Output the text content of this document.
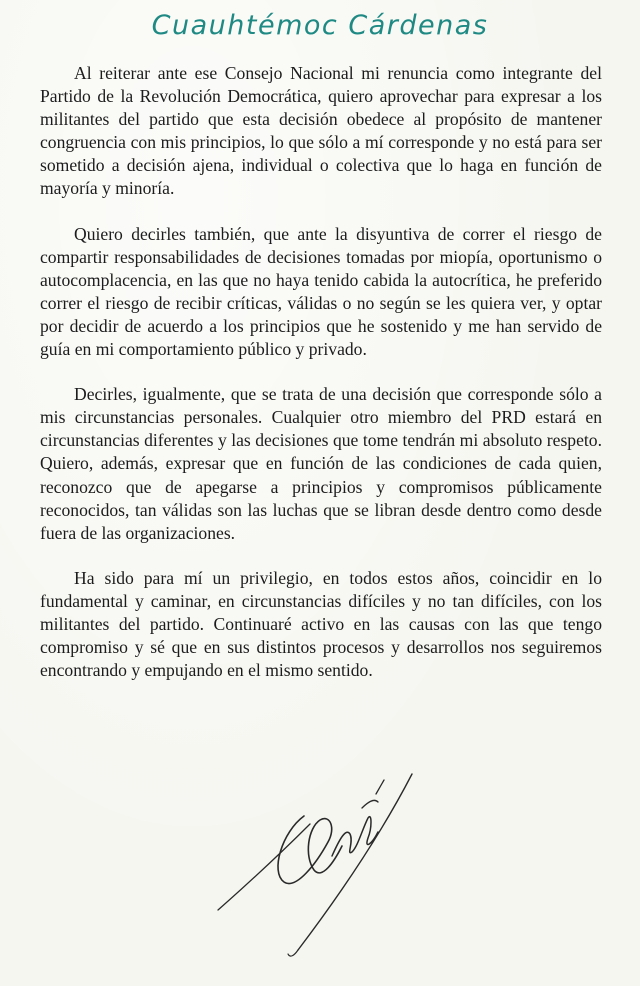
Cuauhtémoc Cárdenas

Al reiterar ante ese Consejo Nacional mi renuncia como integrante del Partido de la Revolución Democrática, quiero aprovechar para expresar a los militantes del partido que esta decisión obedece al propósito de mantener congruencia con mis principios, lo que sólo a mí corresponde y no está para ser sometido a decisión ajena, individual o colectiva que lo haga en función de mayoría y minoría.

Quiero decirles también, que ante la disyuntiva de correr el riesgo de compartir responsabilidades de decisiones tomadas por miopía, oportunismo o autocomplacencia, en las que no haya tenido cabida la autocrítica, he preferido correr el riesgo de recibir críticas, válidas o no según se les quiera ver, y optar por decidir de acuerdo a los principios que he sostenido y me han servido de guía en mi comportamiento público y privado.

Decirles, igualmente, que se trata de una decisión que corresponde sólo a mis circunstancias personales. Cualquier otro miembro del PRD estará en circunstancias diferentes y las decisiones que tome tendrán mi absoluto respeto. Quiero, además, expresar que en función de las condiciones de cada quien, reconozco que de apegarse a principios y compromisos públicamente reconocidos, tan válidas son las luchas que se libran desde dentro como desde fuera de las organizaciones.

Ha sido para mí un privilegio, en todos estos años, coincidir en lo fundamental y caminar, en circunstancias difíciles y no tan difíciles, con los militantes del partido. Continuaré activo en las causas con las que tengo compromiso y sé que en sus distintos procesos y desarrollos nos seguiremos encontrando y empujando en el mismo sentido.
